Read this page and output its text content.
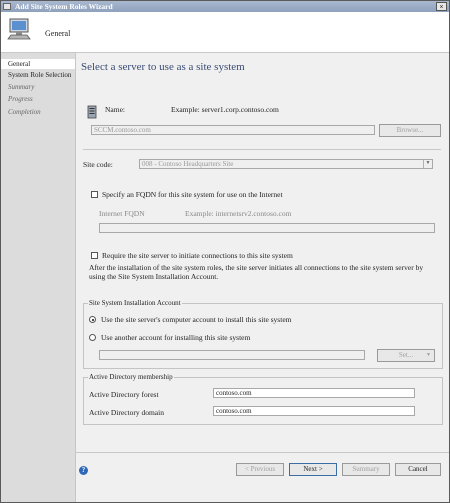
Add Site System Roles Wizard	×
General
General
System Role Selection
Summary
Progress
Completion
Select a server to use as a site system
Name:	Example: server1.corp.contoso.com
SCCM.contoso.com	Browse...
Site code:	008 - Contoso Headquarters Site	▼
Specify an FQDN for this site system for use on the Internet
Internet FQDN	Example: internetsrv2.contoso.com
Require the site server to initiate connections to this site system
After the installation of the site system roles, the site server initiates all connections to the site system server by using the Site System Installation Account.
Site System Installation Account
Use the site server's computer account to install this site system
Use another account for installing this site system
Set...	▼
Active Directory membership
Active Directory forest	contoso.com
Active Directory domain	contoso.com
?	< Previous	Next >	Summary	Cancel
